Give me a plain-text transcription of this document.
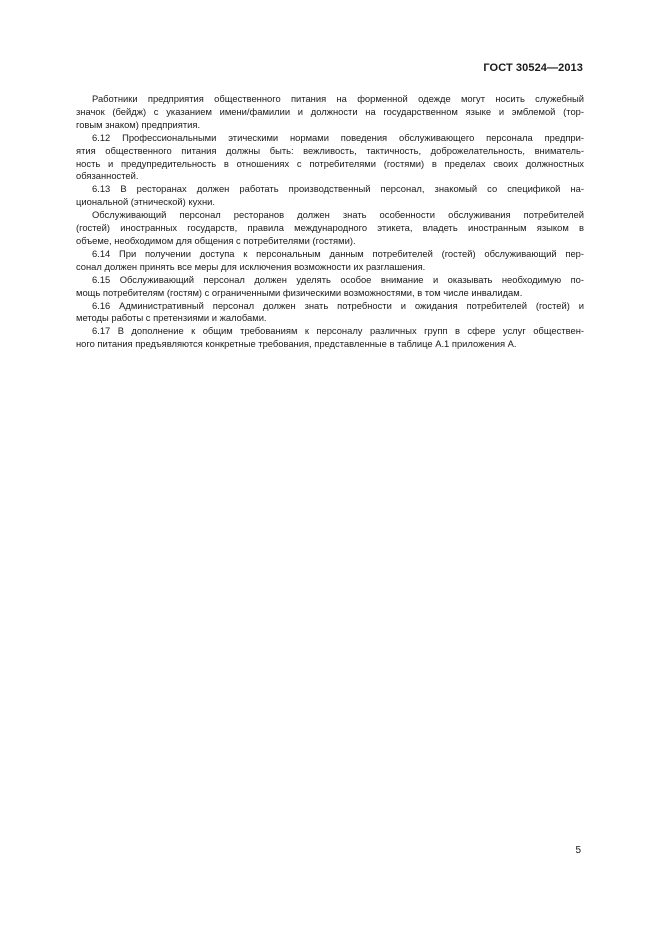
ГОСТ 30524—2013

Работники предприятия общественного питания на форменной одежде могут носить служебный
значок (бейдж) с указанием имени/фамилии и должности на государственном языке и эмблемой (тор-
говым знаком) предприятия.

6.12 Профессиональными этическими нормами поведения обслуживающего персонала предпри-
ятия общественного питания должны быть: вежливость, тактичность, доброжелательность, вниматель-
ность и предупредительность в отношениях с потребителями (гостями) в пределах своих должностных
обязанностей.

6.13 В ресторанах должен работать производственный персонал, знакомый со спецификой на-
циональной (этнической) кухни.

Обслуживающий персонал ресторанов должен знать особенности обслуживания потребителей
(гостей) иностранных государств, правила международного этикета, владеть иностранным языком в
объеме, необходимом для общения с потребителями (гостями).

6.14 При получении доступа к персональным данным потребителей (гостей) обслуживающий пер-
сонал должен принять все меры для исключения возможности их разглашения.

6.15 Обслуживающий персонал должен уделять особое внимание и оказывать необходимую по-
мощь потребителям (гостям) с ограниченными физическими возможностями, в том числе инвалидам.

6.16 Административный персонал должен знать потребности и ожидания потребителей (гостей) и
методы работы с претензиями и жалобами.

6.17 В дополнение к общим требованиям к персоналу различных групп в сфере услуг обществен-
ного питания предъявляются конкретные требования, представленные в таблице А.1 приложения А.

5
